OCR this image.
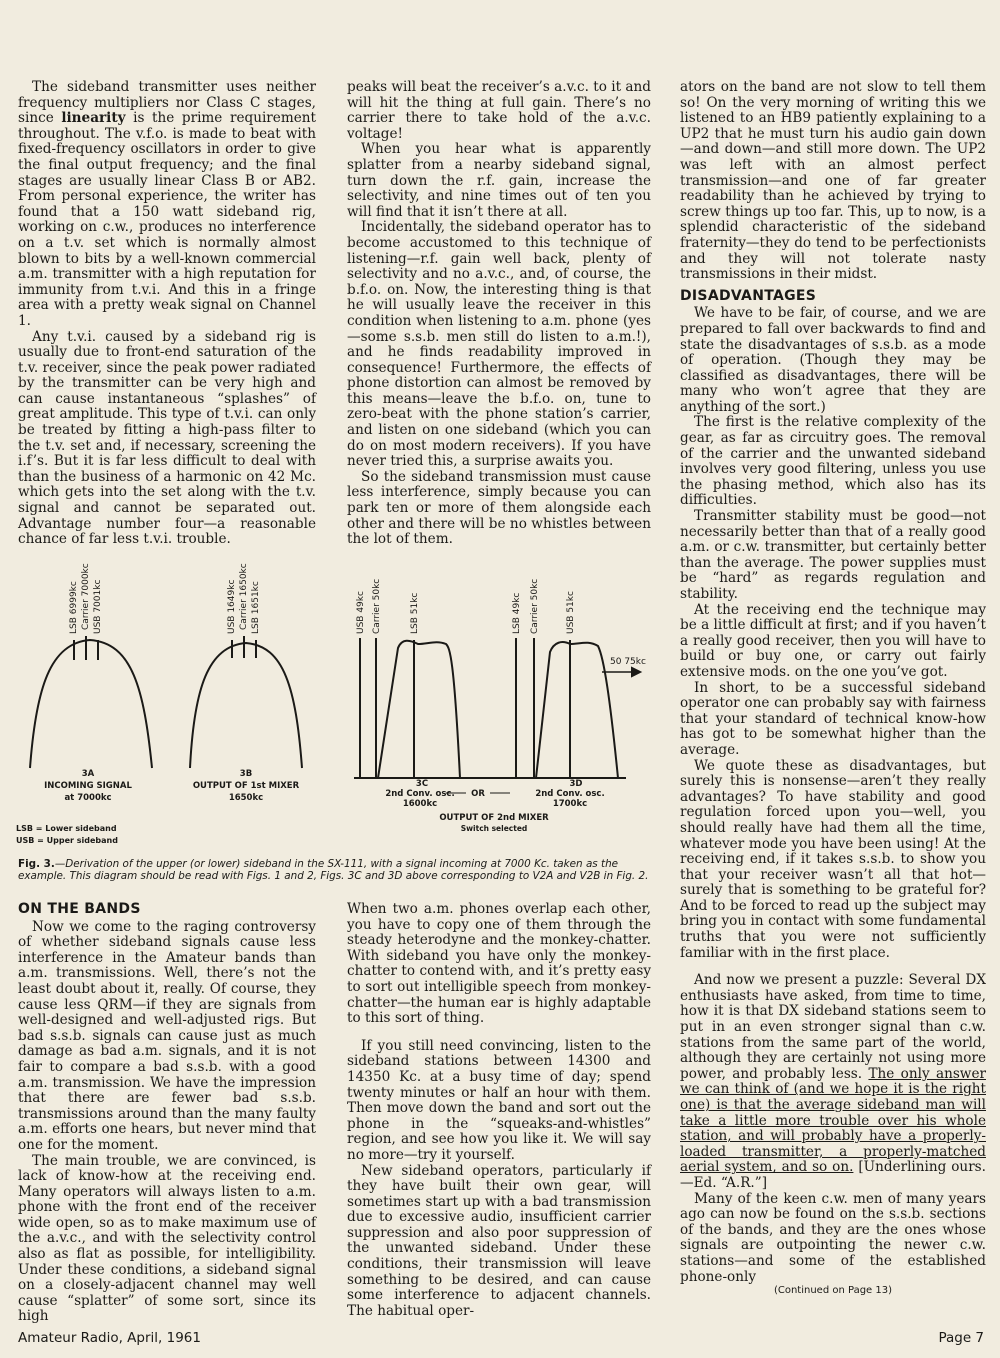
The sideband transmitter uses neither frequency multipliers nor Class C stages, since linearity is the prime requirement throughout. The v.f.o. is made to beat with fixed-frequency oscillators in order to give the final output frequency; and the final stages are usually linear Class B or AB2. From personal experience, the writer has found that a 150 watt sideband rig, working on c.w., produces no interference on a t.v. set which is normally almost blown to bits by a well-known commercial a.m. transmitter with a high reputation for immunity from t.v.i. And this in a fringe area with a pretty weak signal on Channel 1.

Any t.v.i. caused by a sideband rig is usually due to front-end saturation of the t.v. receiver, since the peak power radiated by the transmitter can be very high and can cause instantaneous “splashes” of great amplitude. This type of t.v.i. can only be treated by fitting a high-pass filter to the t.v. set and, if necessary, screening the i.f’s. But it is far less difficult to deal with than the business of a harmonic on 42 Mc. which gets into the set along with the t.v. signal and cannot be separated out. Advantage number four—a reasonable chance of far less t.v.i. trouble.

peaks will beat the receiver’s a.v.c. to it and will hit the thing at full gain. There’s no carrier there to take hold of the a.v.c. voltage!

When you hear what is apparently splatter from a nearby sideband signal, turn down the r.f. gain, increase the selectivity, and nine times out of ten you will find that it isn’t there at all.

Incidentally, the sideband operator has to become accustomed to this technique of listening—r.f. gain well back, plenty of selectivity and no a.v.c., and, of course, the b.f.o. on. Now, the interesting thing is that he will usually leave the receiver in this condition when listening to a.m. phone (yes—some s.s.b. men still do listen to a.m.!), and he finds readability improved in consequence! Furthermore, the effects of phone distortion can almost be removed by this means—leave the b.f.o. on, tune to zero-beat with the phone station’s carrier, and listen on one sideband (which you can do on most modern receivers). If you have never tried this, a surprise awaits you.

So the sideband transmission must cause less interference, simply because you can park ten or more of them alongside each other and there will be no whistles between the lot of them.

ators on the band are not slow to tell them so! On the very morning of writing this we listened to an HB9 patiently explaining to a UP2 that he must turn his audio gain down—and down—and still more down. The UP2 was left with an almost perfect transmission—and one of far greater readability than he achieved by trying to screw things up too far. This, up to now, is a splendid characteristic of the sideband fraternity—they do tend to be perfectionists and they will not tolerate nasty transmissions in their midst.

DISADVANTAGES

We have to be fair, of course, and we are prepared to fall over backwards to find and state the disadvantages of s.s.b. as a mode of operation. (Though they may be classified as disadvantages, there will be many who won’t agree that they are anything of the sort.)

The first is the relative complexity of the gear, as far as circuitry goes. The removal of the carrier and the unwanted sideband involves very good filtering, unless you use the phasing method, which also has its difficulties.

Transmitter stability must be good—not necessarily better than that of a really good a.m. or c.w. transmitter, but certainly better than the average. The power supplies must be “hard” as regards regulation and stability.

At the receiving end the technique may be a little difficult at first; and if you haven’t a really good receiver, then you will have to build or buy one, or carry out fairly extensive mods. on the one you’ve got.

In short, to be a successful sideband operator one can probably say with fairness that your standard of technical know-how has got to be somewhat higher than the average.

We quote these as disadvantages, but surely this is nonsense—aren’t they really advantages? To have stability and good regulation forced upon you—well, you should really have had them all the time, whatever mode you have been using! At the receiving end, if it takes s.s.b. to show you that your receiver wasn’t all that hot—surely that is something to be grateful for? And to be forced to read up the subject may bring you in contact with some fundamental truths that you were not sufficiently familiar with in the first place.

And now we present a puzzle: Several DX enthusiasts have asked, from time to time, how it is that DX sideband stations seem to put in an even stronger signal than c.w. stations from the same part of the world, although they are certainly not using more power, and probably less. The only answer we can think of (and we hope it is the right one) is that the average sideband man will take a little more trouble over his whole station, and will probably have a properly-loaded transmitter, a properly-matched aerial system, and so on. [Underlining ours.—Ed. “A.R.”]

Many of the keen c.w. men of many years ago can now be found on the s.s.b. sections of the bands, and they are the ones whose signals are outpointing the newer c.w. stations—and some of the established phone-only

(Continued on Page 13)
LSB 6999kc Carrier 7000kc USB 7001kc	USB 1649kc Carrier 1650kc LSB 1651kc	USB 49kc Carrier 50kc	LSB 51kc	LSB 49kc Carrier 50kc	USB 51kc
50 75kc
3A
INCOMING SIGNAL
at 7000kc
3B
OUTPUT OF 1st MIXER
1650kc
3C
2nd Conv. osc.
1600kc
OR
3D
2nd Conv. osc.
1700kc
OUTPUT OF 2nd MIXER
Switch selected
LSB = Lower sideband
USB = Upper sideband
Fig. 3.—Derivation of the upper (or lower) sideband in the SX-111, with a signal incoming at 7000 Kc. taken as the example. This diagram should be read with Figs. 1 and 2, Figs. 3C and 3D above corresponding to V2A and V2B in Fig. 2.
ON THE BANDS

Now we come to the raging controversy of whether sideband signals cause less interference in the Amateur bands than a.m. transmissions. Well, there’s not the least doubt about it, really. Of course, they cause less QRM—if they are signals from well-designed and well-adjusted rigs. But bad s.s.b. signals can cause just as much damage as bad a.m. signals, and it is not fair to compare a bad s.s.b. with a good a.m. transmission. We have the impression that there are fewer bad s.s.b. transmissions around than the many faulty a.m. efforts one hears, but never mind that one for the moment.

The main trouble, we are convinced, is lack of know-how at the receiving end. Many operators will always listen to a.m. phone with the front end of the receiver wide open, so as to make maximum use of the a.v.c., and with the selectivity control also as flat as possible, for intelligibility. Under these conditions, a sideband signal on a closely-adjacent channel may well cause “splatter” of some sort, since its high

When two a.m. phones overlap each other, you have to copy one of them through the steady heterodyne and the monkey-chatter. With sideband you have only the monkey-chatter to contend with, and it’s pretty easy to sort out intelligible speech from monkey-chatter—the human ear is highly adaptable to this sort of thing.

If you still need convincing, listen to the sideband stations between 14300 and 14350 Kc. at a busy time of day; spend twenty minutes or half an hour with them. Then move down the band and sort out the phone in the “squeaks-and-whistles” region, and see how you like it. We will say no more—try it yourself.

New sideband operators, particularly if they have built their own gear, will sometimes start up with a bad transmission due to excessive audio, insufficient carrier suppression and also poor suppression of the unwanted sideband. Under these conditions, their transmission will leave something to be desired, and can cause some interference to adjacent channels. The habitual oper-

Amateur Radio, April, 1961	Page 7
